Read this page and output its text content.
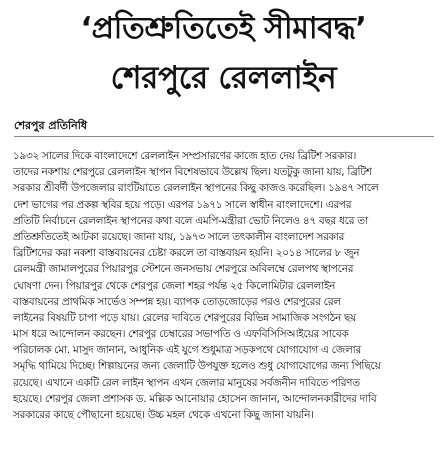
‘প্রতিশ্রুতিতেই সীমাবদ্ধ’
শেরপুরে রেললাইন
শেরপুর প্রতিনিধি
১৯৩২ সালের দিকে বাংলাদেশে রেললাইন সম্প্রসারণের কাজে হাত দেয় ব্রিটিশ সরকার।
তাদের নকশায় শেরপুরে রেললাইন স্থাপন বিশেষভাবে উল্লেখ ছিল। যতটুকু জানা যায়, ব্রিটিশ
সরকার শ্রীবর্দী উপজেলার রাংটিয়াতে রেললাইন স্থাপনের কিছু কাজও করেছিল। ১৯৪৭ সালে
দেশ ভাগের পর প্রকল্প স্থবির হয়ে পড়ে। এরপর ১৯৭১ সালে স্বাধীন বাংলাদেশে। এরপর
প্রতিটি নির্বাচনে রেললাইন স্থাপনের কথা বলে এমপি-মন্ত্রীরা ভোট নিলেও ৪৭ বছর ধরে তা
প্রতিশ্রুতিতেই আটকা রয়েছে। জানা যায়, ১৯৭৩ সালে তৎকালীন বাংলাদেশ সরকার
ব্রিটিশদের করা নকশা বাস্তবায়নের চেষ্টা করলে তা বাস্তবায়ন হয়নি। ২০১৪ সালের ৮ জুন
রেলমন্ত্রী জামালপুরের পিয়ারপুর স্টেশনে জনসভায় শেরপুরে অবিলম্বে রেলপথ স্থাপনের
ঘোষণা দেন। পিয়ারপুর থেকে শেরপুর জেলা শহর পর্যন্ত ২৫ কিলোমিটার রেললাইন
বাস্তবায়নের প্রাথমিক সার্ভেও সম্পন্ন হয়। ব্যাপক তোড়জোড়ের পরও শেরপুরের রেল
লাইনের বিষয়টি চাপা পড়ে যায়। রেলের দাবিতে শেরপুরের বিভিন্ন সামাজিক সংগঠন ছয়
মাস ধরে আন্দোলন করছেন। শেরপুর চেম্বারের সভাপতি ও এফবিসিসিআইয়ের সাবেক
পরিচালক মো. মাসুদ জানান, আধুনিক এই যুগে শুধুমাত্র সড়কপথে যোগাযোগ এ জেলার
সমৃদ্ধি থামিয়ে দিচ্ছে। শিল্পায়নের জন্য জেলাটি উপযুক্ত হলেও শুধু যোগাযোগের জন্য পিছিয়ে
রয়েছে। এখানে একটি রেল লাইন স্থাপন এখন জেলার মানুষের সর্বজনীন দাবিতে পরিণত
হয়েছে। শেরপুর জেলা প্রশাসক ড. মল্লিক আনোয়ার হোসেন জানান, আন্দোলনকারীদের দাবি
সরকারের কাছে পৌছানো হয়েছে। উচ্চ মহল থেকে এখনো কিছু জানা যায়নি।
